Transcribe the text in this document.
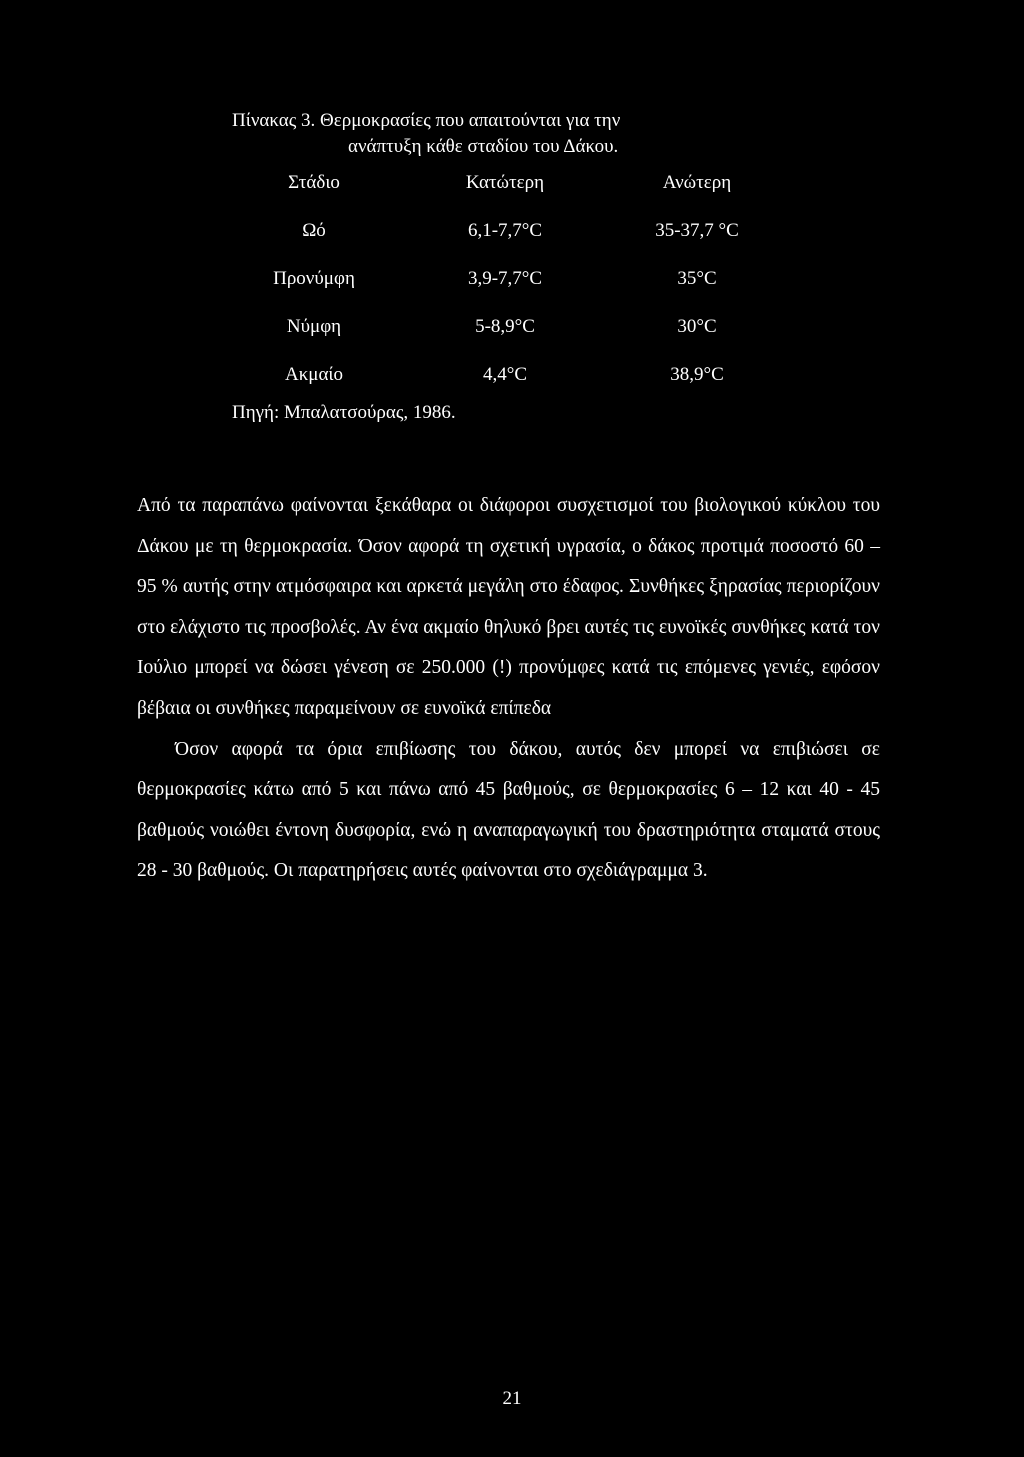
Πίνακας 3. Θερμοκρασίες που απαιτούνται για την
ανάπτυξη κάθε σταδίου του Δάκου.
Στάδιο	Κατώτερη	Ανώτερη
Ωό	6,1-7,7°C	35-37,7 °C
Προνύμφη	3,9-7,7°C	35°C
Νύμφη	5-8,9°C	30°C
Ακμαίο	4,4°C	38,9°C
Πηγή: Μπαλατσούρας, 1986.

Από τα παραπάνω φαίνονται ξεκάθαρα οι διάφοροι συσχετισμοί του βιολογικού κύκλου του Δάκου με τη θερμοκρασία. Όσον αφορά τη σχετική υγρασία, ο δάκος προτιμά ποσοστό 60 – 95 % αυτής στην ατμόσφαιρα και αρκετά μεγάλη στο έδαφος. Συνθήκες ξηρασίας περιορίζουν στο ελάχιστο τις προσβολές. Αν ένα ακμαίο θηλυκό βρει αυτές τις ευνοϊκές συνθήκες κατά τον Ιούλιο μπορεί να δώσει γένεση σε 250.000 (!) προνύμφες κατά τις επόμενες γενιές, εφόσον βέβαια οι συνθήκες παραμείνουν σε ευνοϊκά επίπεδα

Όσον αφορά τα όρια επιβίωσης του δάκου, αυτός δεν μπορεί να επιβιώσει σε θερμοκρασίες κάτω από 5 και πάνω από 45 βαθμούς, σε θερμοκρασίες 6 – 12 και 40 - 45 βαθμούς νοιώθει έντονη δυσφορία, ενώ η αναπαραγωγική του δραστηριότητα σταματά στους 28 - 30 βαθμούς. Οι παρατηρήσεις αυτές φαίνονται στο σχεδιάγραμμα 3.

21
